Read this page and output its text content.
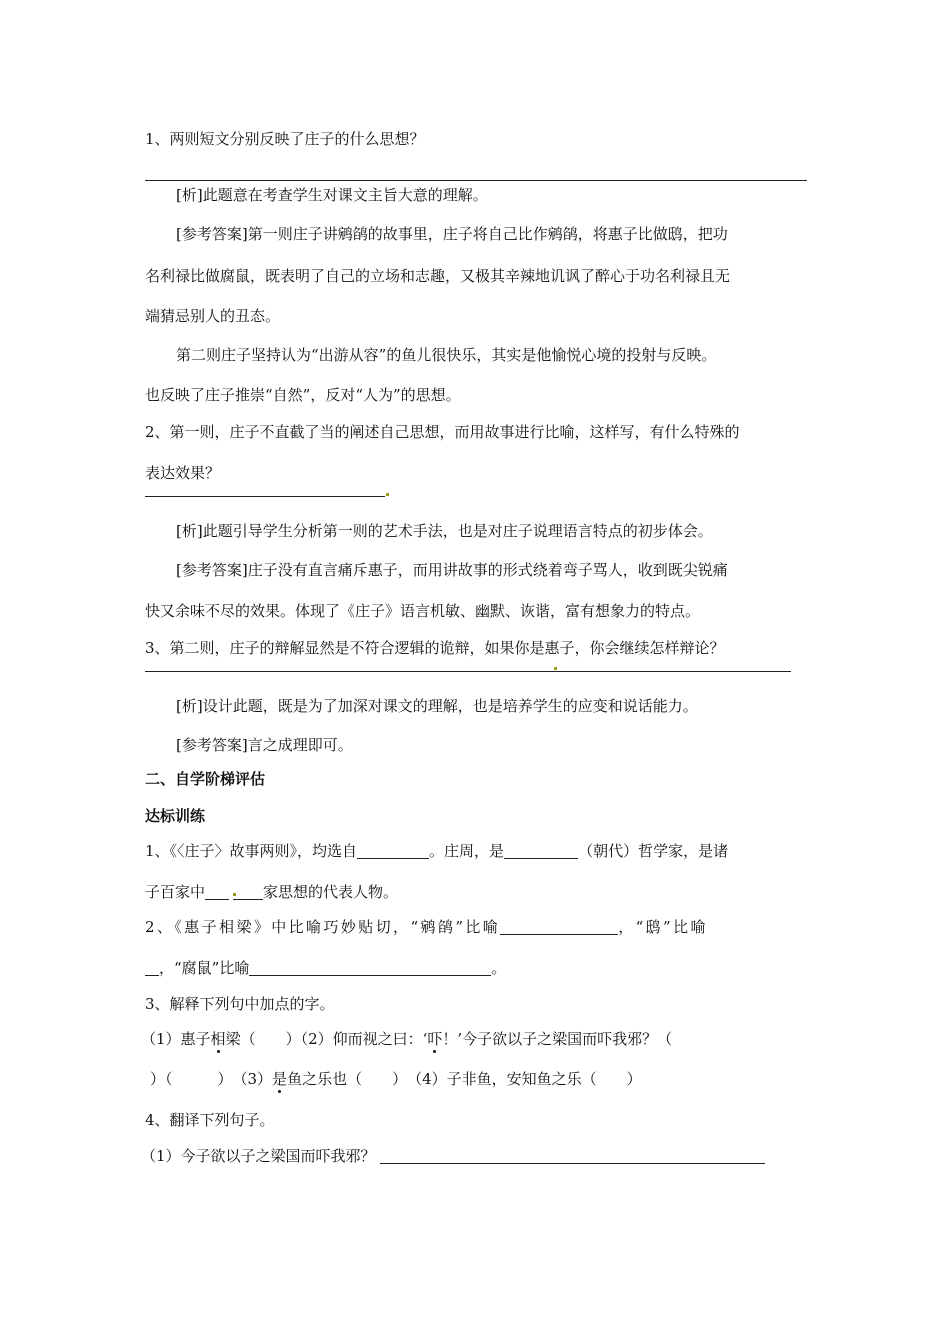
1、两则短文分别反映了庄子的什么思想？
[析]此题意在考查学生对课文主旨大意的理解。
[参考答案]第一则庄子讲鹓鹐的故事里，庄子将自己比作鹓鹐，将惠子比做鸱，把功
名利禄比做腐鼠，既表明了自己的立场和志趣，又极其辛辣地讥讽了醉心于功名利禄且无
端猜忌别人的丑态。
第二则庄子坚持认为“出游从容”的鱼儿很快乐，其实是他愉悦心境的投射与反映。
也反映了庄子推崇“自然”，反对“人为”的思想。
2、第一则，庄子不直截了当的阐述自己思想，而用故事进行比喻，这样写，有什么特殊的
表达效果？
[析]此题引导学生分析第一则的艺术手法，也是对庄子说理语言特点的初步体会。
[参考答案]庄子没有直言痛斥惠子，而用讲故事的形式绕着弯子骂人，收到既尖锐痛
快又余味不尽的效果。体现了《庄子》语言机敏、幽默、诙谐，富有想象力的特点。
3、第二则，庄子的辩解显然是不符合逻辑的诡辩，如果你是惠子，你会继续怎样辩论？
[析]设计此题，既是为了加深对课文的理解，也是培养学生的应变和说话能力。
[参考答案]言之成理即可。
二、自学阶梯评估
达标训练
1、《〈庄子〉故事两则》，均选自	。庄周，是	（朝代）哲学家，是诸
子百家中	家思想的代表人物。
2、《惠子相梁》中比喻巧妙贴切，“鹓鹐”比喻	，“鸱”比喻
，“腐鼠”比喻	。
3、解释下列句中加点的字。
（1）惠子相梁（　　）（2）仰而视之曰：‘吓！’今子欲以子之梁国而吓我邪？（
）（　　　）　（3）是鱼之乐也（　　）　（4）子非鱼，安知鱼之乐（　　）
4、翻译下列句子。
（1）今子欲以子之梁国而吓我邪？
